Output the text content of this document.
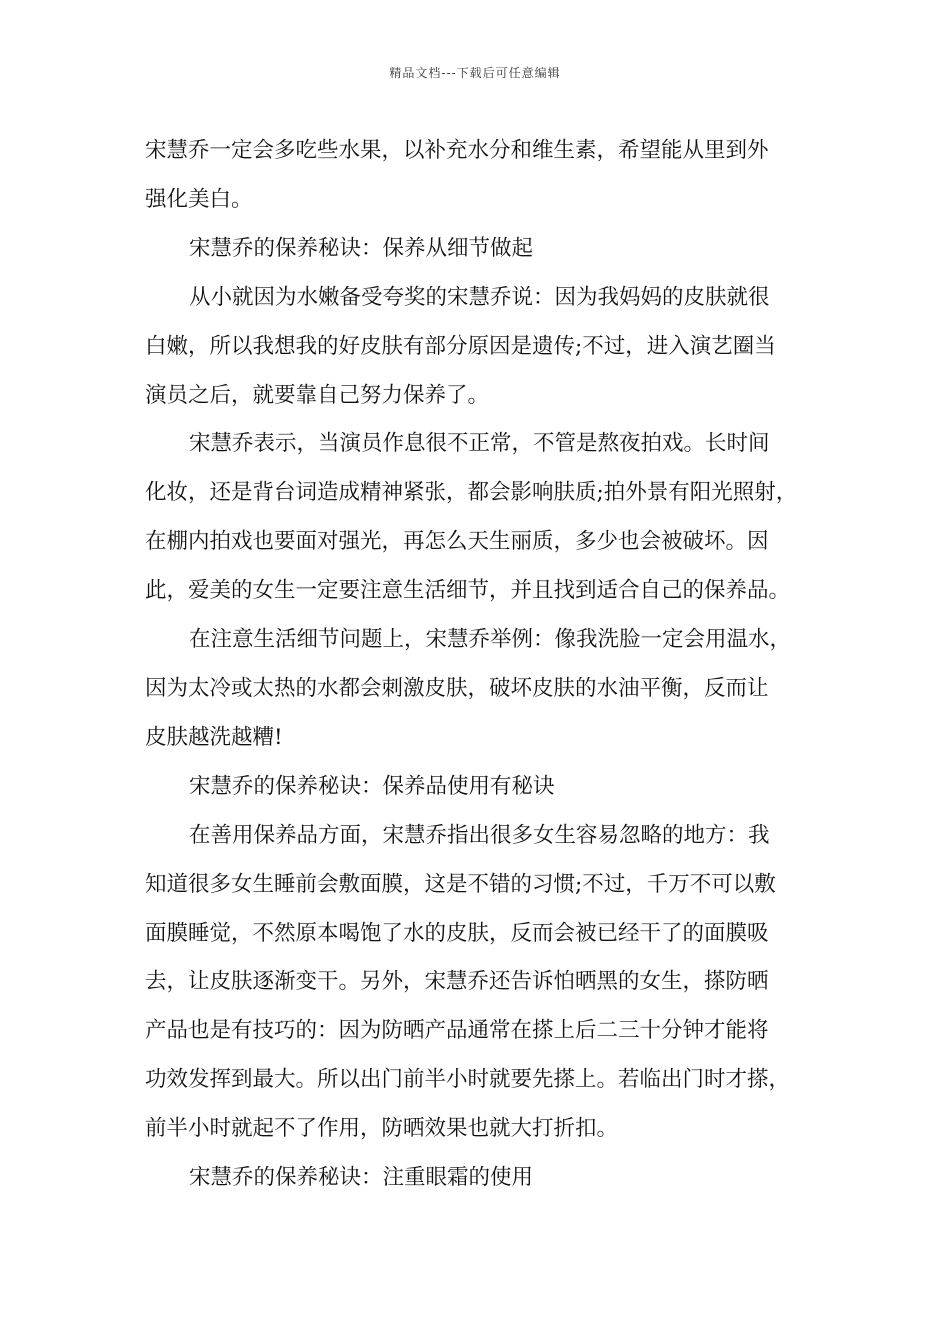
精品文档---下载后可任意编辑
宋慧乔一定会多吃些水果，以补充水分和维生素，希望能从里到外
强化美白。
宋慧乔的保养秘诀：保养从细节做起
从小就因为水嫩备受夸奖的宋慧乔说：因为我妈妈的皮肤就很
白嫩，所以我想我的好皮肤有部分原因是遗传;不过，进入演艺圈当
演员之后，就要靠自己努力保养了。
宋慧乔表示，当演员作息很不正常，不管是熬夜拍戏。长时间
化妆，还是背台词造成精神紧张，都会影响肤质;拍外景有阳光照射，
在棚内拍戏也要面对强光，再怎么天生丽质，多少也会被破坏。因
此，爱美的女生一定要注意生活细节，并且找到适合自己的保养品。
在注意生活细节问题上，宋慧乔举例：像我洗脸一定会用温水，
因为太冷或太热的水都会刺激皮肤，破坏皮肤的水油平衡，反而让
皮肤越洗越糟!
宋慧乔的保养秘诀：保养品使用有秘诀
在善用保养品方面，宋慧乔指出很多女生容易忽略的地方：我
知道很多女生睡前会敷面膜，这是不错的习惯;不过，千万不可以敷
面膜睡觉，不然原本喝饱了水的皮肤，反而会被已经干了的面膜吸
去，让皮肤逐渐变干。另外，宋慧乔还告诉怕晒黑的女生，搽防晒
产品也是有技巧的：因为防晒产品通常在搽上后二三十分钟才能将
功效发挥到最大。所以出门前半小时就要先搽上。若临出门时才搽，
前半小时就起不了作用，防晒效果也就大打折扣。
宋慧乔的保养秘诀：注重眼霜的使用
